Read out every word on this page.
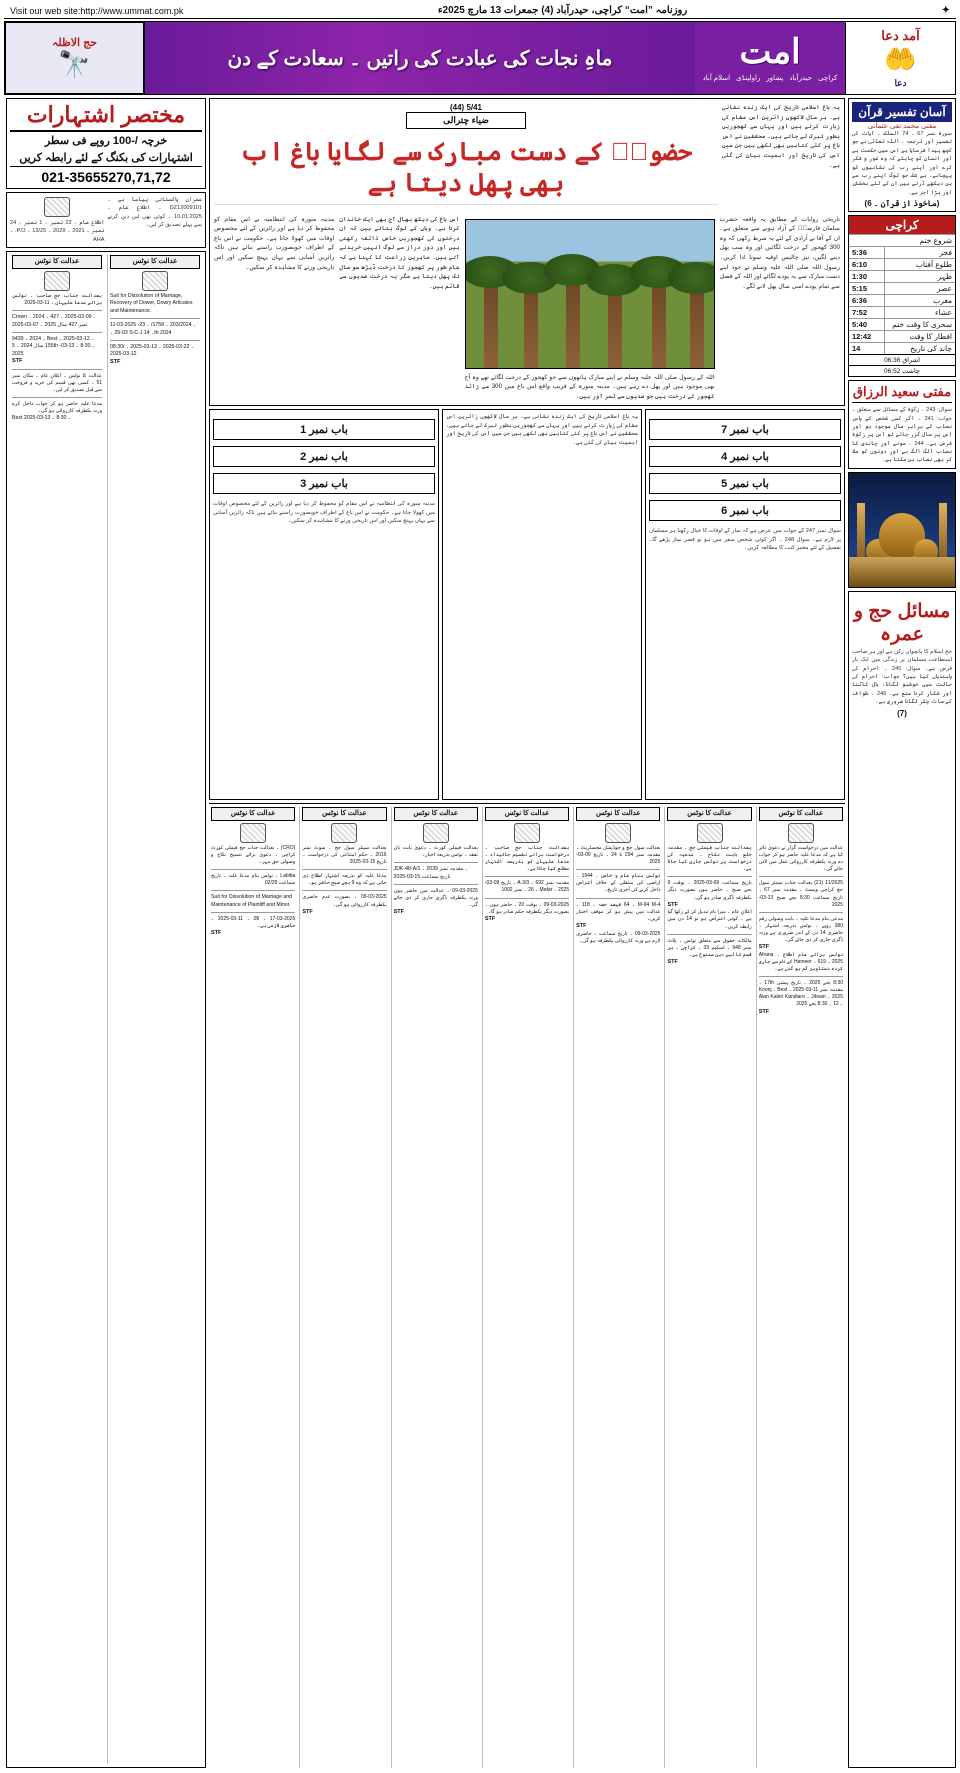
✦
روزنامہ ”امت“ کراچی، حیدرآباد (4) جمعرات 13 مارچ 2025ء
Visit our web site:http://www.ummat.com.pk
آمد دعا
🤲
دعا
امت
کراچی
حیدرآباد
پشاور
راولپنڈی
اسلام آباد
ماہِ نجات کی عبادت کی راتیں ۔ سعادت کے دن
حج الاظلہ
🔭
آسان تفسیر قرآن
مفتی محمد تقی عثمانی
سورۃ نمبر 67 ۔ 74 الملک ۔ آیات کی تفسیر اور ترجمہ ۔ اللہ تعالیٰ نے جو کچھ پیدا فرمایا ہے اس میں حکمت ہے اور انسان کو چاہئے کہ وہ غور و فکر کرے اور اپنے رب کی نشانیوں کو پہچانے۔ بے شک جو لوگ اپنے رب سے بن دیکھے ڈرتے ہیں ان کے لئے بخشش اور بڑا اجر ہے۔
(ماخوذ از قرآن ۔ 6)
کراچی
شروع ختم
فجر
5:36
طلوع آفتاب
6:10
ظہر
1:30
عصر
5:15
مغرب
6:36
عشاء
7:52
سحری کا وقت ختم
5:40
افطار کا وقت
12:42
چاند کی تاریخ
14
اشراق 06:36
چاشت 06:52
مفتی سعید الرزاق
سوال: 243 ۔ زکوٰۃ کے مسائل سے متعلق ۔ جواب: 241 ۔ اگر کسی شخص کے پاس نصاب کے برابر مال موجود ہو اور اس پر سال گزر جائے تو اس پر زکوٰۃ فرض ہے۔ 244 ۔ سونے اور چاندی کا نصاب الگ الگ ہے اور دونوں کو ملا کر بھی نصاب بن سکتا ہے۔
مسائل حج و عمرہ
حج اسلام کا پانچواں رکن ہے اور ہر صاحبِ استطاعت مسلمان پر زندگی میں ایک بار فرض ہے۔ سوال: 245 ۔ احرام کی پابندیاں کیا ہیں؟ جواب: احرام کی حالت میں خوشبو لگانا، بال کاٹنا اور شکار کرنا منع ہے۔ 246 ۔ طواف کے سات چکر لگانا ضروری ہے۔
(7)
یہ باغ اسلامی تاریخ کی ایک زندہ نشانی ہے۔ ہر سال لاکھوں زائرین اس مقام کی زیارت کرتے ہیں اور یہاں سے کھجوریں بطور تبرک لے جاتے ہیں۔ محققین نے اس باغ پر کئی کتابیں بھی لکھی ہیں جن میں اس کی تاریخ اور اہمیت بیان کی گئی ہے۔
5/41 (44)
ضیاء چترالی
حضورؐ کے دست مبارک سے لگایا باغ اب بھی پھل دیتا ہے
تاریخی روایات کے مطابق یہ واقعہ حضرت سلمان فارسیؓ کے آزاد ہونے سے متعلق ہے۔ ان کے آقا نے آزادی کے لئے یہ شرط رکھی کہ وہ 300 کھجور کے درخت لگائیں اور وہ سب پھل دینے لگیں، نیز چالیس اوقیہ سونا ادا کریں۔ رسول اللہ صلی اللہ علیہ وسلم نے خود اپنے دست مبارک سے یہ پودے لگائے اور اللہ کے فضل سے تمام پودے اسی سال پھل لانے لگے۔
اللہ کے رسول صلی اللہ علیہ وسلم نے اپنے مبارک ہاتھوں سے جو کھجور کے درخت لگائے تھے وہ آج بھی موجود ہیں اور پھل دے رہے ہیں۔ مدینہ منورہ کے قریب واقع اس باغ میں 300 سے زائد کھجور کے درخت ہیں جو صدیوں سے ثمر آور ہیں۔
اس باغ کی دیکھ بھال آج بھی ایک خاندان کرتا ہے۔ وہاں کے لوگ بتاتے ہیں کہ ان درختوں کی کھجوریں خاص ذائقہ رکھتی ہیں اور دور دراز سے لوگ انہیں خریدنے آتے ہیں۔ ماہرین زراعت کا کہنا ہے کہ عام طور پر کھجور کا درخت ڈیڑھ سو سال تک پھل دیتا ہے مگر یہ درخت صدیوں سے قائم ہیں۔
مدینہ منورہ کی انتظامیہ نے اس مقام کو محفوظ کر دیا ہے اور زائرین کے لئے مخصوص اوقات میں کھولا جاتا ہے۔ حکومت نے اس باغ کے اطراف خوبصورت راستے بنائے ہیں تاکہ زائرین آسانی سے یہاں پہنچ سکیں اور اس تاریخی ورثے کا مشاہدہ کر سکیں۔
باب نمبر 7
باب نمبر 4
باب نمبر 5
باب نمبر 6
سوال نمبر 247 کے جواب میں عرض ہے کہ نماز کے اوقات کا خیال رکھنا ہر مسلمان پر لازم ہے۔ سوال 248 ۔ اگر کوئی شخص سفر میں ہو تو قصر نماز پڑھے گا۔ تفصیل کے لئے معتبر کتب کا مطالعہ کریں۔
یہ باغ اسلامی تاریخ کی ایک زندہ نشانی ہے۔ ہر سال لاکھوں زائرین اس مقام کی زیارت کرتے ہیں اور یہاں سے کھجوریں بطور تبرک لے جاتے ہیں۔ محققین نے اس باغ پر کئی کتابیں بھی لکھی ہیں جن میں اس کی تاریخ اور اہمیت بیان کی گئی ہے۔
باب نمبر 1
باب نمبر 2
باب نمبر 3
مدینہ منورہ کی انتظامیہ نے اس مقام کو محفوظ کر دیا ہے اور زائرین کے لئے مخصوص اوقات میں کھولا جاتا ہے۔ حکومت نے اس باغ کے اطراف خوبصورت راستے بنائے ہیں تاکہ زائرین آسانی سے یہاں پہنچ سکیں اور اس تاریخی ورثے کا مشاہدہ کر سکیں۔
عدالت کا نوٹس
عدالت میں درخواست گزار نے دعویٰ دائر کیا ہے کہ مدعا علیہ حاضر ہو کر جواب دے ورنہ یکطرفہ کارروائی عمل میں لائی جائے گی۔
11/2025 (21) بعدالت جناب سینئر سول جج کراچی ویسٹ ۔ مقدمہ نمبر 67 ۔ تاریخ سماعت 8:30 بجے صبح 13-03-2025
مدعی بنام مدعا علیہ ۔ بابت وصولی رقم 380 روپے ۔ نوٹس بذریعہ اشتہار ۔ حاضری 14 دن کے اندر ضروری ہے ورنہ ڈگری جاری کر دی جائے گی۔
STF
نوٹس برائے عام اطلاع ۔ Afrana 2025 ۔ 619 ۔ Hameer کے نام سے جاری کردہ دستاویز گم ہو گئی ہے۔
8:30 بجے 2025 ۔ تاریخ پیشی 17th ۔ مقدمہ نمبر 11-03-2025 ۔ Best ۔ Koonj 2025 ۔ Jihsan ۔ Alan Kaleri Kandiaro ۔ 12 ۔ 8:30 بجے 2025
STF
عدالت کا نوٹس
بعدالت جناب فیملی جج ۔ مقدمہ خلع بابت نکاح ۔ مدعیہ کی درخواست پر نوٹس جاری کیا جاتا ہے۔
تاریخ سماعت 09-03-2025 ۔ بوقت 9 بجے صبح ۔ حاضر ہوں بصورت دیگر یکطرفہ ڈگری صادر ہو گی۔
STF
اعلانِ عام ۔ میرا نام تبدیل کر کے رکھا گیا ہے ۔ کوئی اعتراض ہو تو 14 دن میں رابطہ کریں۔
مالکانہ حقوق سے متعلق نوٹس ۔ پلاٹ نمبر 948 ۔ اسکیم 33 ۔ کراچی ۔ ہر قسم کا لین دین ممنوع ہے۔
STF
عدالت کا نوٹس
بعدالت سول جج و جوڈیشل مجسٹریٹ ۔ مقدمہ نمبر 294 تا 24 ۔ تاریخ 09-03-2025
نوٹس بنام عام و خاص ۔ 1944 ۔ اراضی کی منتقلی کے خلاف اعتراض داخل کرنے کی آخری تاریخ۔
M-94 M-4 ۔ 64 فیصد حصہ ۔ 118 ۔ عدالت میں پیش ہو کر موقف اختیار کریں۔
STF
09-03-2025 ۔ تاریخ سماعت ۔ حاضری لازم ہے ورنہ کارروائی یکطرفہ ہو گی۔
عدالت کا نوٹس
بعدالت جناب جج صاحب ۔ درخواست برائے تقسیم جائیداد ۔ مدعا علیہان کو بذریعہ اشتہار مطلع کیا جاتا ہے۔
مقدمہ نمبر 692 ۔ 3/A-3 ۔ تاریخ 09-03-2025 ۔ Mafar ۔ 26 ۔ نمبر 1002
09-03-2025 ۔ بوقت 20 ۔ حاضر ہوں ۔ بصورت دیگر یکطرفہ حکم صادر ہو گا۔
STF
عدالت کا نوٹس
بعدالت فیملی کورٹ ۔ دعویٰ بابت نان نفقہ ۔ نوٹس بذریعہ اخبار۔
JDK-48-A/1 ۔ مقدمہ نمبر 2039 ۔ تاریخ سماعت 15-03-2025
09-03-2025 ۔ عدالت میں حاضر ہوں ورنہ یکطرفہ ڈگری جاری کر دی جائے گی۔
STF
عدالت کا نوٹس
بعدالت سینئر سول جج ۔ سوٹ نمبر 2016 ۔ حکم امتناعی کی درخواست ۔ تاریخ 15-03-2025
مدعا علیہ کو بذریعہ اشتہار اطلاع دی جاتی ہے کہ وہ 9 بجے صبح حاضر ہو۔
09-03-2025 ۔ بصورت عدم حاضری یکطرفہ کارروائی ہو گی۔
STF
عدالت کا نوٹس
(CRO) ۔ بعدالت جناب جج فیملی کورٹ کراچی ۔ دعویٰ برائے تنسیخ نکاح و وصولی حق مہر۔
Labiba ۔ نوٹس بنام مدعا علیہ ۔ تاریخ سماعت 02/25
Suit for Dissolution of Marriage and Maintenance of Plaintiff and Minor.
17-03-2025 ۔ 08 ۔ 11-03-2025 ۔ حاضری لازمی ہے۔
STF
مختصر اشتہارات
خرچہ /-100 روپے فی سطر
اشتہارات کی بکنگ کے لئے رابطہ کریں
021-35655270,71,72
عمران پاکستانی پیاسا ہے ۔ DZ12009101 ۔ اطلاع عام ۔ 10.01.2025 ۔ کوئی بھی لین دین کرنے سے پہلے تصدیق کر لیں۔
اطلاع عام ۔ 22 نمبر ۔ 1 نمبر ۔ 24 نمبر ۔ 2021 ۔ 2029 ۔ 13/25 ۔ P.O. ۔ AHA
عدالت کا نوٹس
Suit for Dissolution of Marriage, Recovery of Dower, Dowry Articales and Maintenance.
11-03-2025 ۔ 203/2024 ۔ 1758/ ۔ 23-03-25 ۔ S-C-J ۔ 14th 2024
08:30/ ۔ 22-03-2025 ۔ 13-03-2025 ۔ 12-03-2025
STF
عدالت کا نوٹس
بعدالت جناب جج صاحب ۔ نوٹس برائے مدعا علیہان ۔ 11-03-2025
Crown ۔ 09-03-2025 ۔ 427 ۔ 2024 ۔ نمبر 427 سال 2025 ۔ 07-03-2025
9439 ۔ 2024 ۔ Best ۔ 12-03-2025 ۔ 155 سال 2024 ۔ 5th ۔ 8:30 ۔ 13-03-2025
STF
عدالت کا نوٹس ۔ اعلانِ عام ۔ مکان نمبر 51 ۔ کسی بھی قسم کی خرید و فروخت سے قبل تصدیق کر لیں۔
مدعا علیہ حاضر ہو کر جواب داخل کرے ورنہ یکطرفہ کارروائی ہو گی۔
Best ۔ 8:30 ۔ 13-03-2025
